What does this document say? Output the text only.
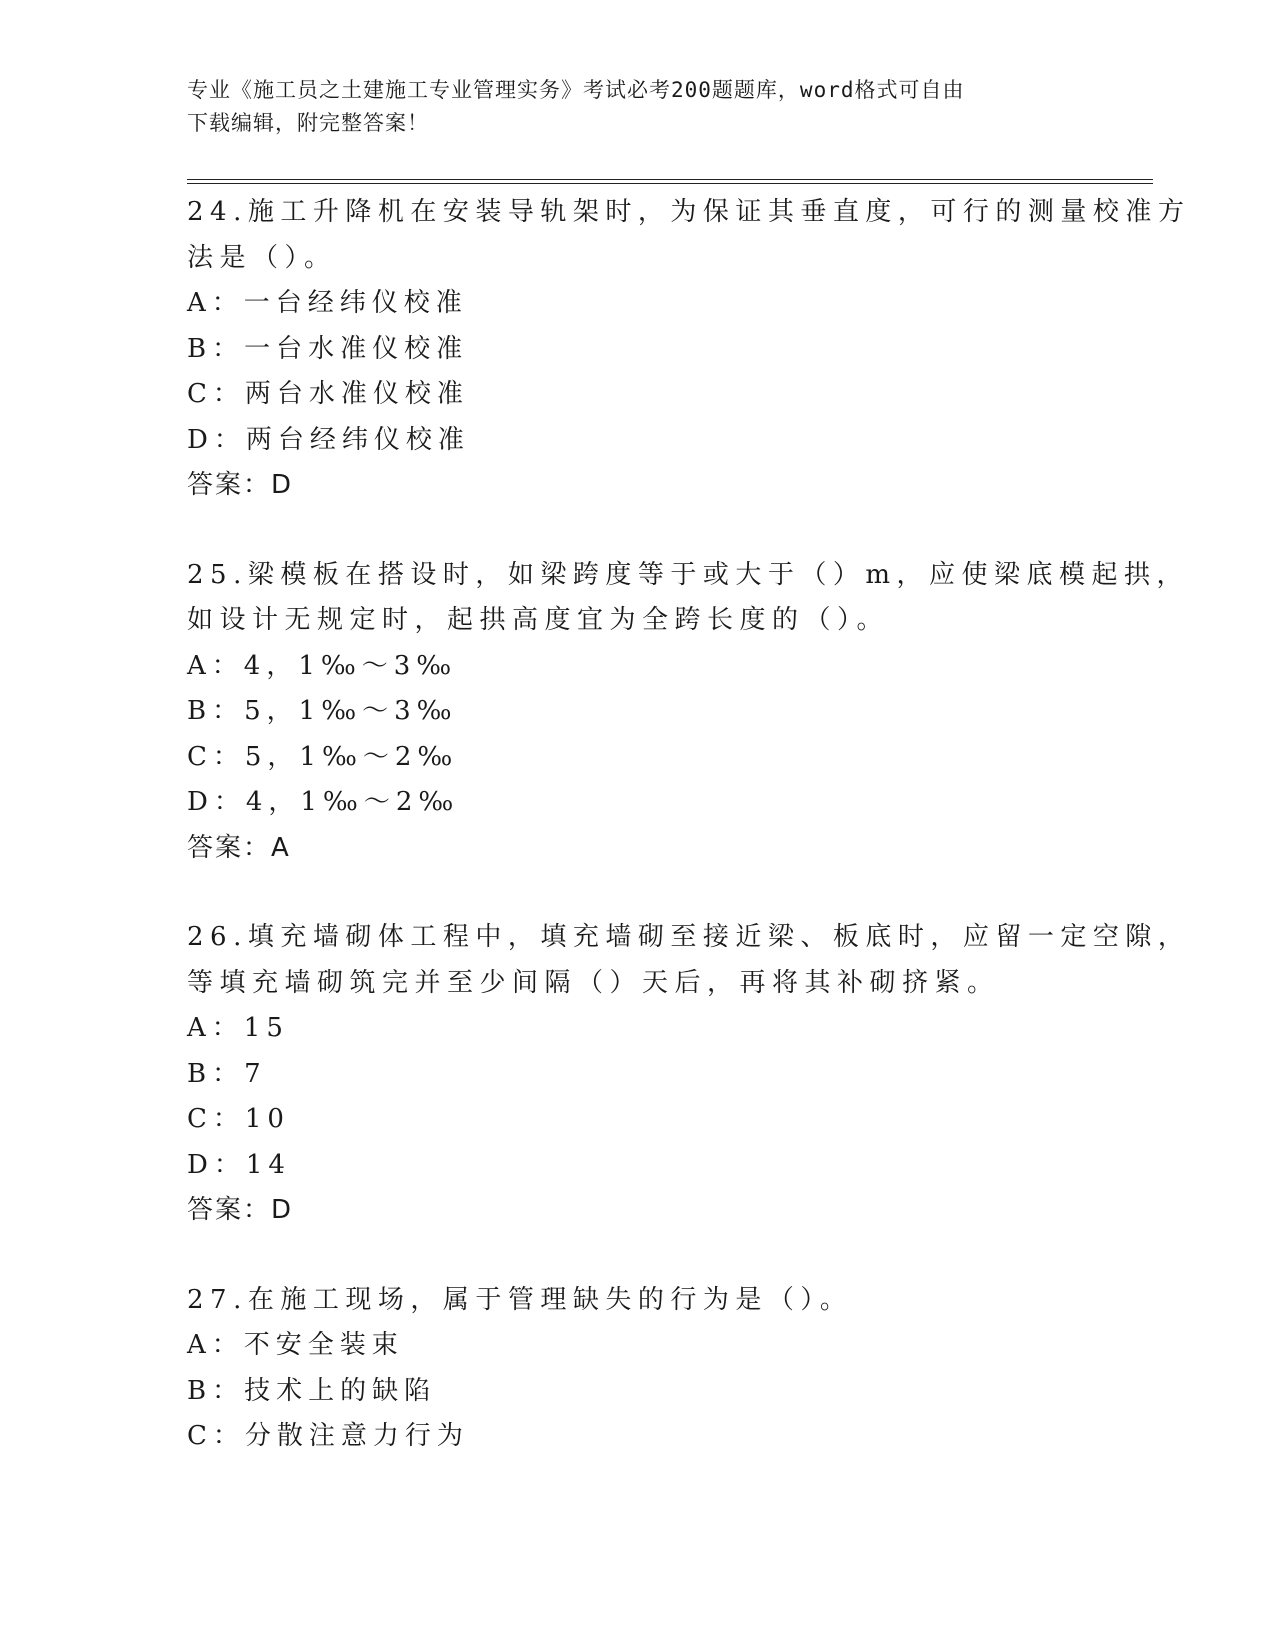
专业《施工员之土建施工专业管理实务》考试必考200题题库，word格式可自由
下载编辑，附完整答案！
24.施工升降机在安装导轨架时，为保证其垂直度，可行的测量校准方
法是（）。
A：一台经纬仪校准
B：一台水准仪校准
C：两台水准仪校准
D：两台经纬仪校准
答案：D
25.梁模板在搭设时，如梁跨度等于或大于（）m，应使梁底模起拱，
如设计无规定时，起拱高度宜为全跨长度的（）。
A：4，1‰～3‰
B：5，1‰～3‰
C：5，1‰～2‰
D：4，1‰～2‰
答案：A
26.填充墙砌体工程中，填充墙砌至接近梁、板底时，应留一定空隙，
等填充墙砌筑完并至少间隔（）天后，再将其补砌挤紧。
A：15
B：7
C：10
D：14
答案：D
27.在施工现场，属于管理缺失的行为是（）。
A：不安全装束
B：技术上的缺陷
C：分散注意力行为
